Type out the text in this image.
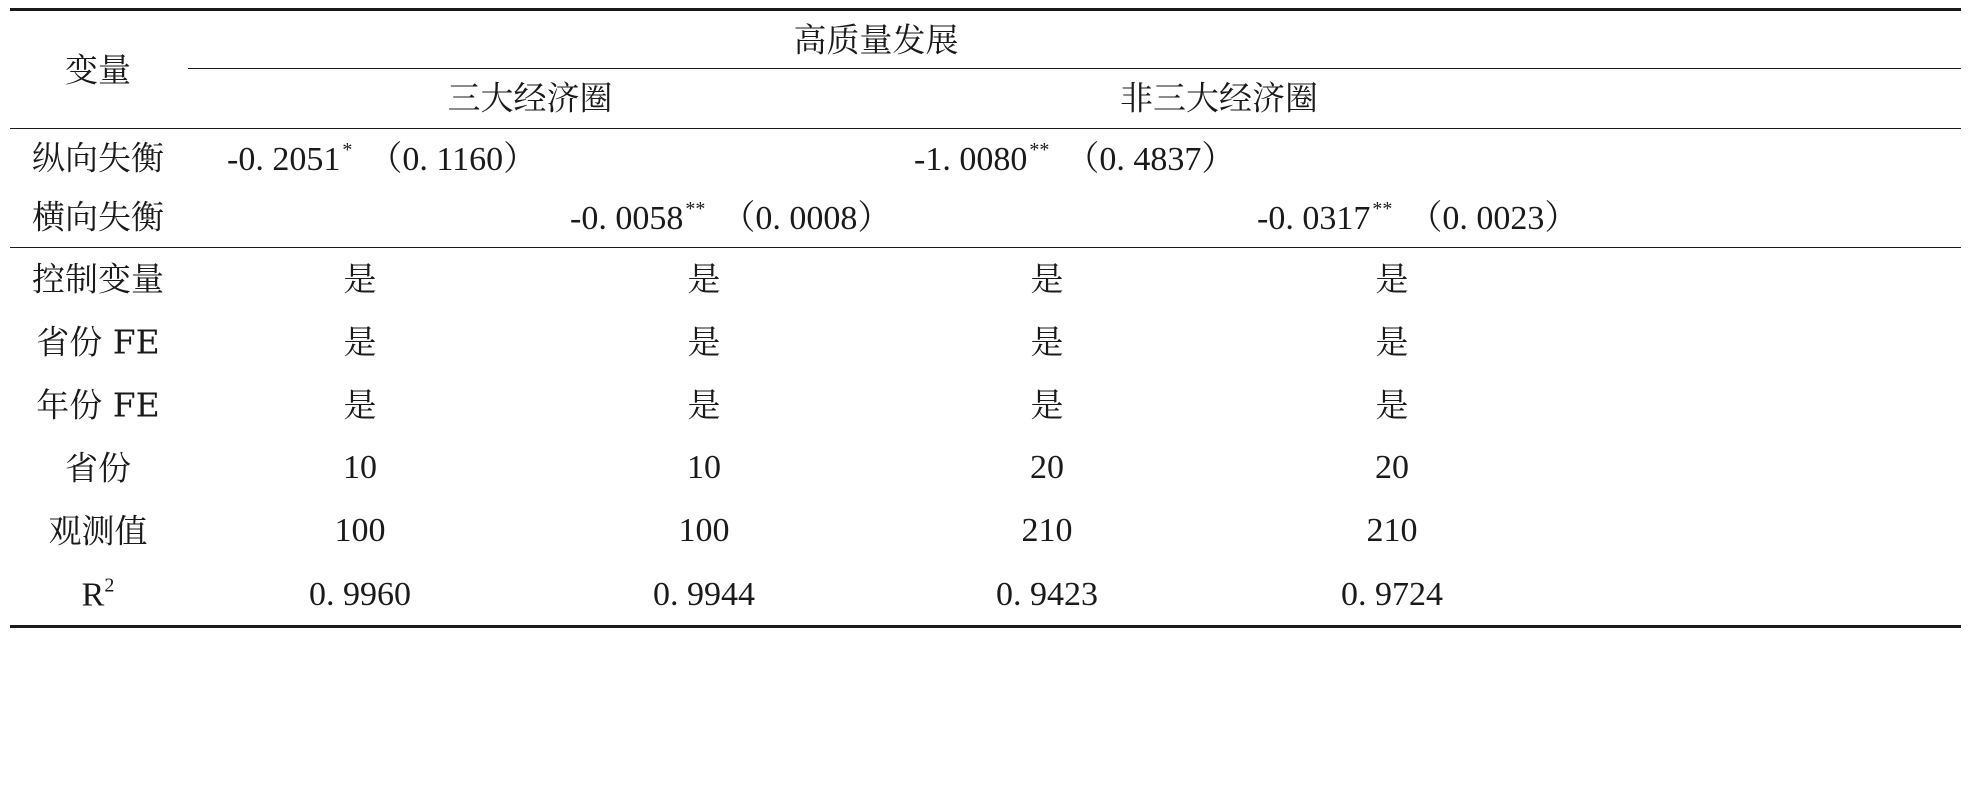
变量
高质量发展
三大经济圈	非三大经济圈
纵向失衡 -0. 2051 * （0. 1160）	-1. 0080 ** （0. 4837）
横向失衡	-0. 0058 ** （0. 0008）	-0. 0317 ** （0. 0023）
控制变量	是	是	是	是
省份 FE	是	是	是	是
年份 FE	是	是	是	是
省份	10	10	20	20
观测值	100	100	210	210
$R^2$	0. 9960	0. 9944	0. 9423	0. 9724
